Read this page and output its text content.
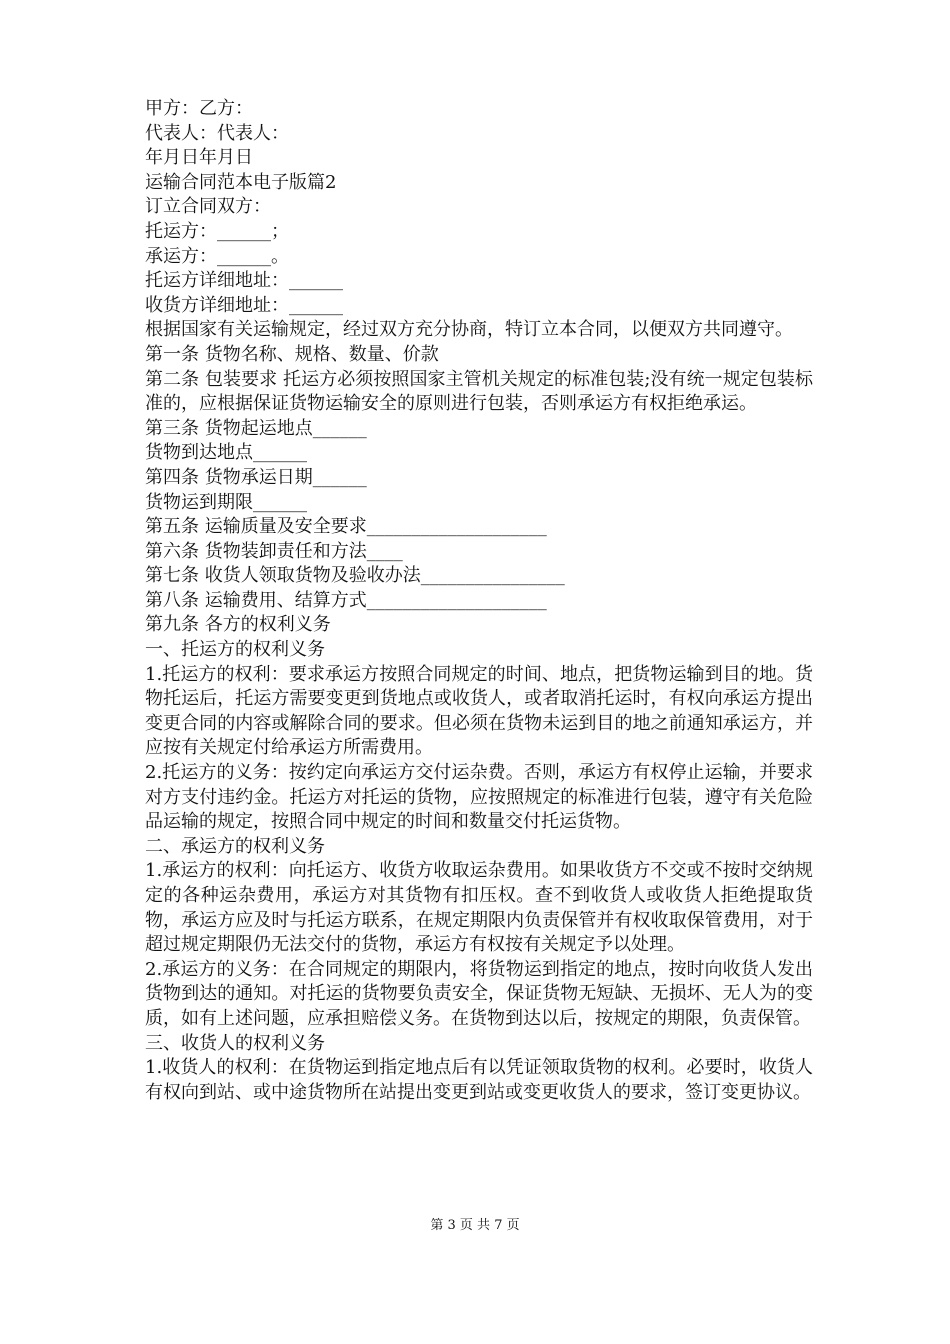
甲方：乙方：

代表人：代表人：

年月日年月日

运输合同范本电子版篇2

订立合同双方：

托运方：______；

承运方：______。

托运方详细地址：______

收货方详细地址：______

根据国家有关运输规定，经过双方充分协商，特订立本合同，以便双方共同遵守。

第一条 货物名称、规格、数量、价款

第二条 包装要求 托运方必须按照国家主管机关规定的标准包装;没有统一规定包装标准的，应根据保证货物运输安全的原则进行包装，否则承运方有权拒绝承运。

第三条 货物起运地点______

货物到达地点______

第四条 货物承运日期______

货物运到期限______

第五条 运输质量及安全要求____________________

第六条 货物装卸责任和方法____

第七条 收货人领取货物及验收办法________________

第八条 运输费用、结算方式____________________

第九条 各方的权利义务

一、托运方的权利义务

1.托运方的权利：要求承运方按照合同规定的时间、地点，把货物运输到目的地。货物托运后，托运方需要变更到货地点或收货人，或者取消托运时，有权向承运方提出变更合同的内容或解除合同的要求。但必须在货物未运到目的地之前通知承运方，并应按有关规定付给承运方所需费用。

2.托运方的义务：按约定向承运方交付运杂费。否则，承运方有权停止运输，并要求对方支付违约金。托运方对托运的货物，应按照规定的标准进行包装，遵守有关危险品运输的规定，按照合同中规定的时间和数量交付托运货物。

二、承运方的权利义务

1.承运方的权利：向托运方、收货方收取运杂费用。如果收货方不交或不按时交纳规定的各种运杂费用，承运方对其货物有扣压权。查不到收货人或收货人拒绝提取货物，承运方应及时与托运方联系，在规定期限内负责保管并有权收取保管费用，对于超过规定期限仍无法交付的货物，承运方有权按有关规定予以处理。

2.承运方的义务：在合同规定的期限内，将货物运到指定的地点，按时向收货人发出货物到达的通知。对托运的货物要负责安全，保证货物无短缺、无损坏、无人为的变质，如有上述问题，应承担赔偿义务。在货物到达以后，按规定的期限，负责保管。

三、收货人的权利义务

1.收货人的权利：在货物运到指定地点后有以凭证领取货物的权利。必要时，收货人有权向到站、或中途货物所在站提出变更到站或变更收货人的要求，签订变更协议。

第 3 页 共 7 页
